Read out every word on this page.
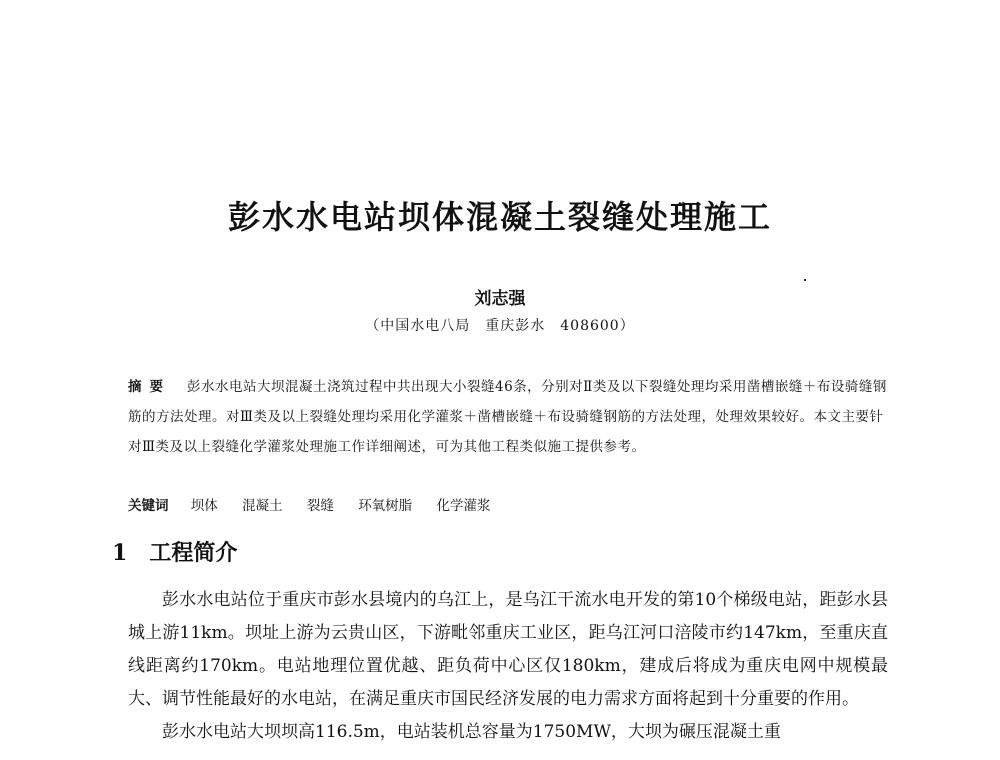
彭水水电站坝体混凝土裂缝处理施工
刘志强
（中国水电八局　重庆彭水　408600）
摘要 彭水水电站大坝混凝土浇筑过程中共出现大小裂缝46条，分别对Ⅱ类及以下裂缝处理均采用凿槽嵌缝＋布设骑缝钢筋的方法处理。对Ⅲ类及以上裂缝处理均采用化学灌浆＋凿槽嵌缝＋布设骑缝钢筋的方法处理，处理效果较好。本文主要针对Ⅲ类及以上裂缝化学灌浆处理施工作详细阐述，可为其他工程类似施工提供参考。
关键词 坝体 混凝土 裂缝 环氧树脂 化学灌浆
1 工程简介

彭水水电站位于重庆市彭水县境内的乌江上，是乌江干流水电开发的第10个梯级电站，距彭水县城上游11km。坝址上游为云贵山区，下游毗邻重庆工业区，距乌江河口涪陵市约147km，至重庆直线距离约170km。电站地理位置优越、距负荷中心区仅180km，建成后将成为重庆电网中规模最大、调节性能最好的水电站，在满足重庆市国民经济发展的电力需求方面将起到十分重要的作用。

彭水水电站大坝坝高116.5m，电站装机总容量为1750MW，大坝为碾压混凝土重
